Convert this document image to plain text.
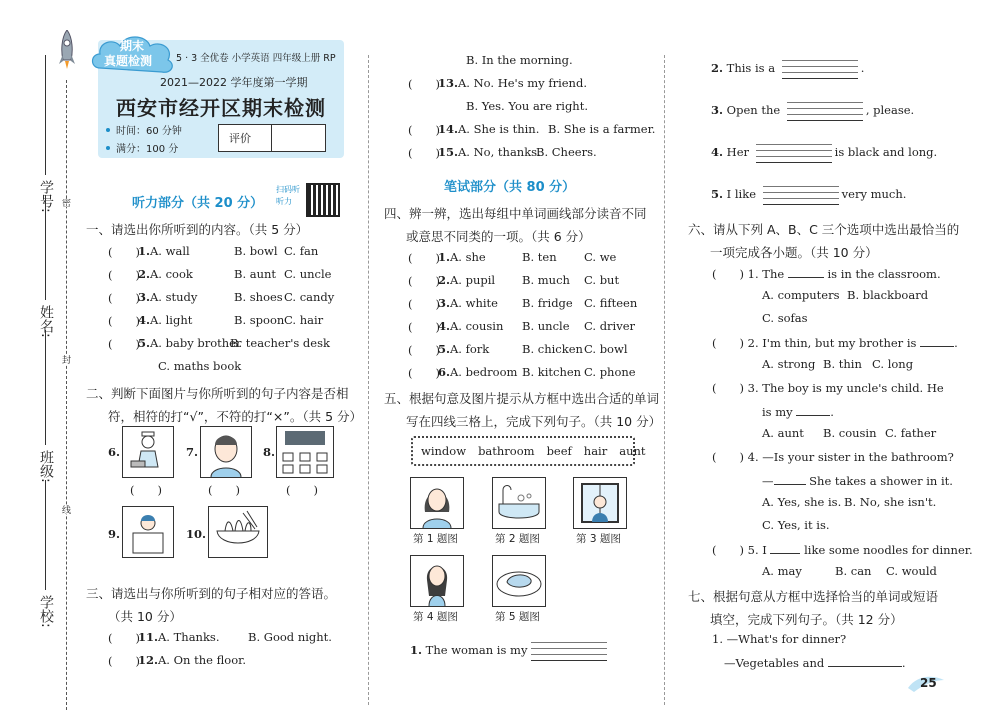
学号: 密
姓名:
封
班级:
线
学校:
期末
真题检测	5 · 3 全优卷 小学英语 四年级上册 RP
2021—2022 学年度第一学期
西安市经开区期末检测
时间：60 分钟
满分：100 分
评价
听力部分（共 20 分）
扫码听听力
一、请选出你所听到的内容。（共 5 分）
(　　)
1. A. wall	B. bowl C. fan
(　　)
2. A. cook	B. aunt C. uncle
(　　)
3. A. study	B. shoes C. candy
(　　)
4. A. light	B. spoon C. hair
(　　)
5. A. baby brother
B. teacher's desk
C. maths book
二、判断下面图片与你所听到的句子内容是否相
符，相符的打“√”，不符的打“×”。（共 5 分）
6.
(　　)
7.
(　　)
8.
(　　)
9.	10.
三、请选出与你所听到的句子相对应的答语。
（共 10 分）
(　　)
11. A. Thanks. B. Good night.
(　　)
12. A. On the floor.
B. In the morning.
(　　)
13. A. No. He's my friend.
B. Yes. You are right.
(　　)
14. A. She is thin. B. She is a farmer.
(　　)
15. A. No, thanks.
B. Cheers.
笔试部分（共 80 分）
四、辨一辨，选出每组中单词画线部分读音不同
或意思不同类的一项。（共 6 分）
(　　)
1. A. she	B. ten C. we
(　　)
2. A. pupil B. much C. but
(　　)
3. A. white B. fridge C. fifteen
(　　)
4. A. cousin B. uncle C. driver
(　　)
5. A. fork	B. chicken C. bowl
(　　)
6. A. bedroom B. kitchen C. phone
五、根据句意及图片提示从方框中选出合适的单词
写在四线三格上，完成下列句子。（共 10 分）
window bathroom beef hair aunt
第 1 题图	第 2 题图	第 3 题图
第 4 题图	第 5 题图
1. The woman is my
2. This is a	.
3. Open the	, please.
4. Her	is black and long.
5. I like	very much.
六、请从下列 A、B、C 三个选项中选出最恰当的
一项完成各小题。（共 10 分）
(　　) 1. The	is in the classroom.
A. computers B. blackboard
C. sofas
(　　) 2. I'm thin, but my brother is	.
A. strong B. thin C. long
(　　) 3. The boy is my uncle's child. He
is my	.
A. aunt B. cousin C. father
(　　) 4. —Is your sister in the bathroom?
—	She takes a shower in it.
A. Yes, she is. B. No, she isn't.
C. Yes, it is.
(　　) 5. I	like some noodles for dinner.
A. may	B. can C. would
七、根据句意从方框中选择恰当的单词或短语
填空，完成下列句子。（共 12 分）
1. —What's for dinner?
—Vegetables and	.
25
